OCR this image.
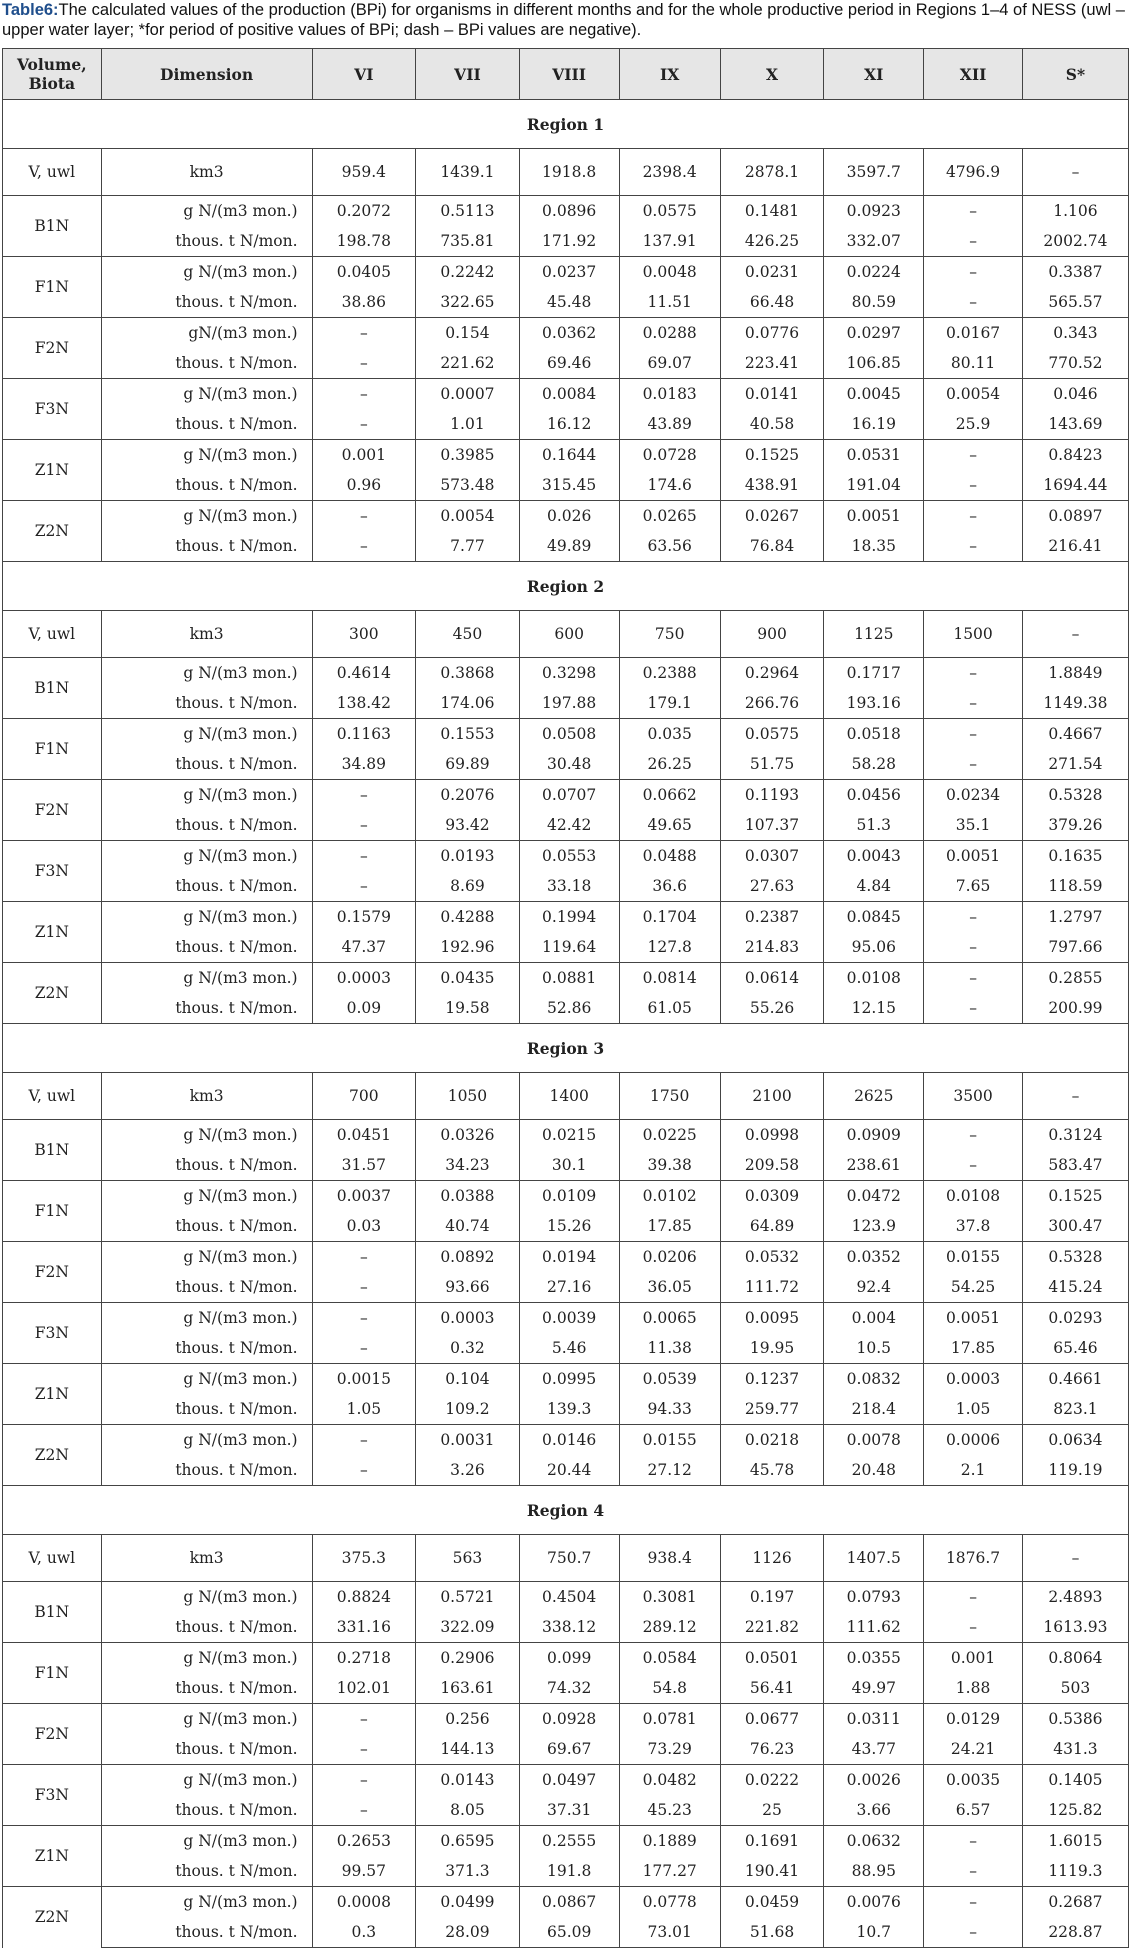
Table6:The calculated values of the production (BPi) for organisms in different months and for the whole productive period in Regions 1–4 of NESS (uwl – upper water layer; *for period of positive values of BPi; dash – BPi values are negative).
Volume, Biota	Dimension	VI	VII	VIII	IX	X	XI	XII	S*
Region 1									
V, uwl	km3	959.4	1439.1	1918.8	2398.4	2878.1	3597.7	4796.9	–
B1N	g N/(m3 mon.)	0.2072	0.5113	0.0896	0.0575	0.1481	0.0923	–	1.106
	thous. t N/mon.	198.78	735.81	171.92	137.91	426.25	332.07	–	2002.74
F1N	g N/(m3 mon.)	0.0405	0.2242	0.0237	0.0048	0.0231	0.0224	–	0.3387
	thous. t N/mon.	38.86	322.65	45.48	11.51	66.48	80.59	–	565.57
F2N	gN/(m3 mon.)	–	0.154	0.0362	0.0288	0.0776	0.0297	0.0167	0.343
	thous. t N/mon.	–	221.62	69.46	69.07	223.41	106.85	80.11	770.52
F3N	g N/(m3 mon.)	–	0.0007	0.0084	0.0183	0.0141	0.0045	0.0054	0.046
	thous. t N/mon.	–	1.01	16.12	43.89	40.58	16.19	25.9	143.69
Z1N	g N/(m3 mon.)	0.001	0.3985	0.1644	0.0728	0.1525	0.0531	–	0.8423
	thous. t N/mon.	0.96	573.48	315.45	174.6	438.91	191.04	–	1694.44
Z2N	g N/(m3 mon.)	–	0.0054	0.026	0.0265	0.0267	0.0051	–	0.0897
	thous. t N/mon.	–	7.77	49.89	63.56	76.84	18.35	–	216.41
Region 2									
V, uwl	km3	300	450	600	750	900	1125	1500	–
B1N	g N/(m3 mon.)	0.4614	0.3868	0.3298	0.2388	0.2964	0.1717	–	1.8849
	thous. t N/mon.	138.42	174.06	197.88	179.1	266.76	193.16	–	1149.38
F1N	g N/(m3 mon.)	0.1163	0.1553	0.0508	0.035	0.0575	0.0518	–	0.4667
	thous. t N/mon.	34.89	69.89	30.48	26.25	51.75	58.28	–	271.54
F2N	g N/(m3 mon.)	–	0.2076	0.0707	0.0662	0.1193	0.0456	0.0234	0.5328
	thous. t N/mon.	–	93.42	42.42	49.65	107.37	51.3	35.1	379.26
F3N	g N/(m3 mon.)	–	0.0193	0.0553	0.0488	0.0307	0.0043	0.0051	0.1635
	thous. t N/mon.	–	8.69	33.18	36.6	27.63	4.84	7.65	118.59
Z1N	g N/(m3 mon.)	0.1579	0.4288	0.1994	0.1704	0.2387	0.0845	–	1.2797
	thous. t N/mon.	47.37	192.96	119.64	127.8	214.83	95.06	–	797.66
Z2N	g N/(m3 mon.)	0.0003	0.0435	0.0881	0.0814	0.0614	0.0108	–	0.2855
	thous. t N/mon.	0.09	19.58	52.86	61.05	55.26	12.15	–	200.99
Region 3									
V, uwl	km3	700	1050	1400	1750	2100	2625	3500	–
B1N	g N/(m3 mon.)	0.0451	0.0326	0.0215	0.0225	0.0998	0.0909	–	0.3124
	thous. t N/mon.	31.57	34.23	30.1	39.38	209.58	238.61	–	583.47
F1N	g N/(m3 mon.)	0.0037	0.0388	0.0109	0.0102	0.0309	0.0472	0.0108	0.1525
	thous. t N/mon.	0.03	40.74	15.26	17.85	64.89	123.9	37.8	300.47
F2N	g N/(m3 mon.)	–	0.0892	0.0194	0.0206	0.0532	0.0352	0.0155	0.5328
	thous. t N/mon.	–	93.66	27.16	36.05	111.72	92.4	54.25	415.24
F3N	g N/(m3 mon.)	–	0.0003	0.0039	0.0065	0.0095	0.004	0.0051	0.0293
	thous. t N/mon.	–	0.32	5.46	11.38	19.95	10.5	17.85	65.46
Z1N	g N/(m3 mon.)	0.0015	0.104	0.0995	0.0539	0.1237	0.0832	0.0003	0.4661
	thous. t N/mon.	1.05	109.2	139.3	94.33	259.77	218.4	1.05	823.1
Z2N	g N/(m3 mon.)	–	0.0031	0.0146	0.0155	0.0218	0.0078	0.0006	0.0634
	thous. t N/mon.	–	3.26	20.44	27.12	45.78	20.48	2.1	119.19
Region 4									
V, uwl	km3	375.3	563	750.7	938.4	1126	1407.5	1876.7	–
B1N	g N/(m3 mon.)	0.8824	0.5721	0.4504	0.3081	0.197	0.0793	–	2.4893
	thous. t N/mon.	331.16	322.09	338.12	289.12	221.82	111.62	–	1613.93
F1N	g N/(m3 mon.)	0.2718	0.2906	0.099	0.0584	0.0501	0.0355	0.001	0.8064
	thous. t N/mon.	102.01	163.61	74.32	54.8	56.41	49.97	1.88	503
F2N	g N/(m3 mon.)	–	0.256	0.0928	0.0781	0.0677	0.0311	0.0129	0.5386
	thous. t N/mon.	–	144.13	69.67	73.29	76.23	43.77	24.21	431.3
F3N	g N/(m3 mon.)	–	0.0143	0.0497	0.0482	0.0222	0.0026	0.0035	0.1405
	thous. t N/mon.	–	8.05	37.31	45.23	25	3.66	6.57	125.82
Z1N	g N/(m3 mon.)	0.2653	0.6595	0.2555	0.1889	0.1691	0.0632	–	1.6015
	thous. t N/mon.	99.57	371.3	191.8	177.27	190.41	88.95	–	1119.3
Z2N	g N/(m3 mon.)	0.0008	0.0499	0.0867	0.0778	0.0459	0.0076	–	0.2687
	thous. t N/mon.	0.3	28.09	65.09	73.01	51.68	10.7	–	228.87
